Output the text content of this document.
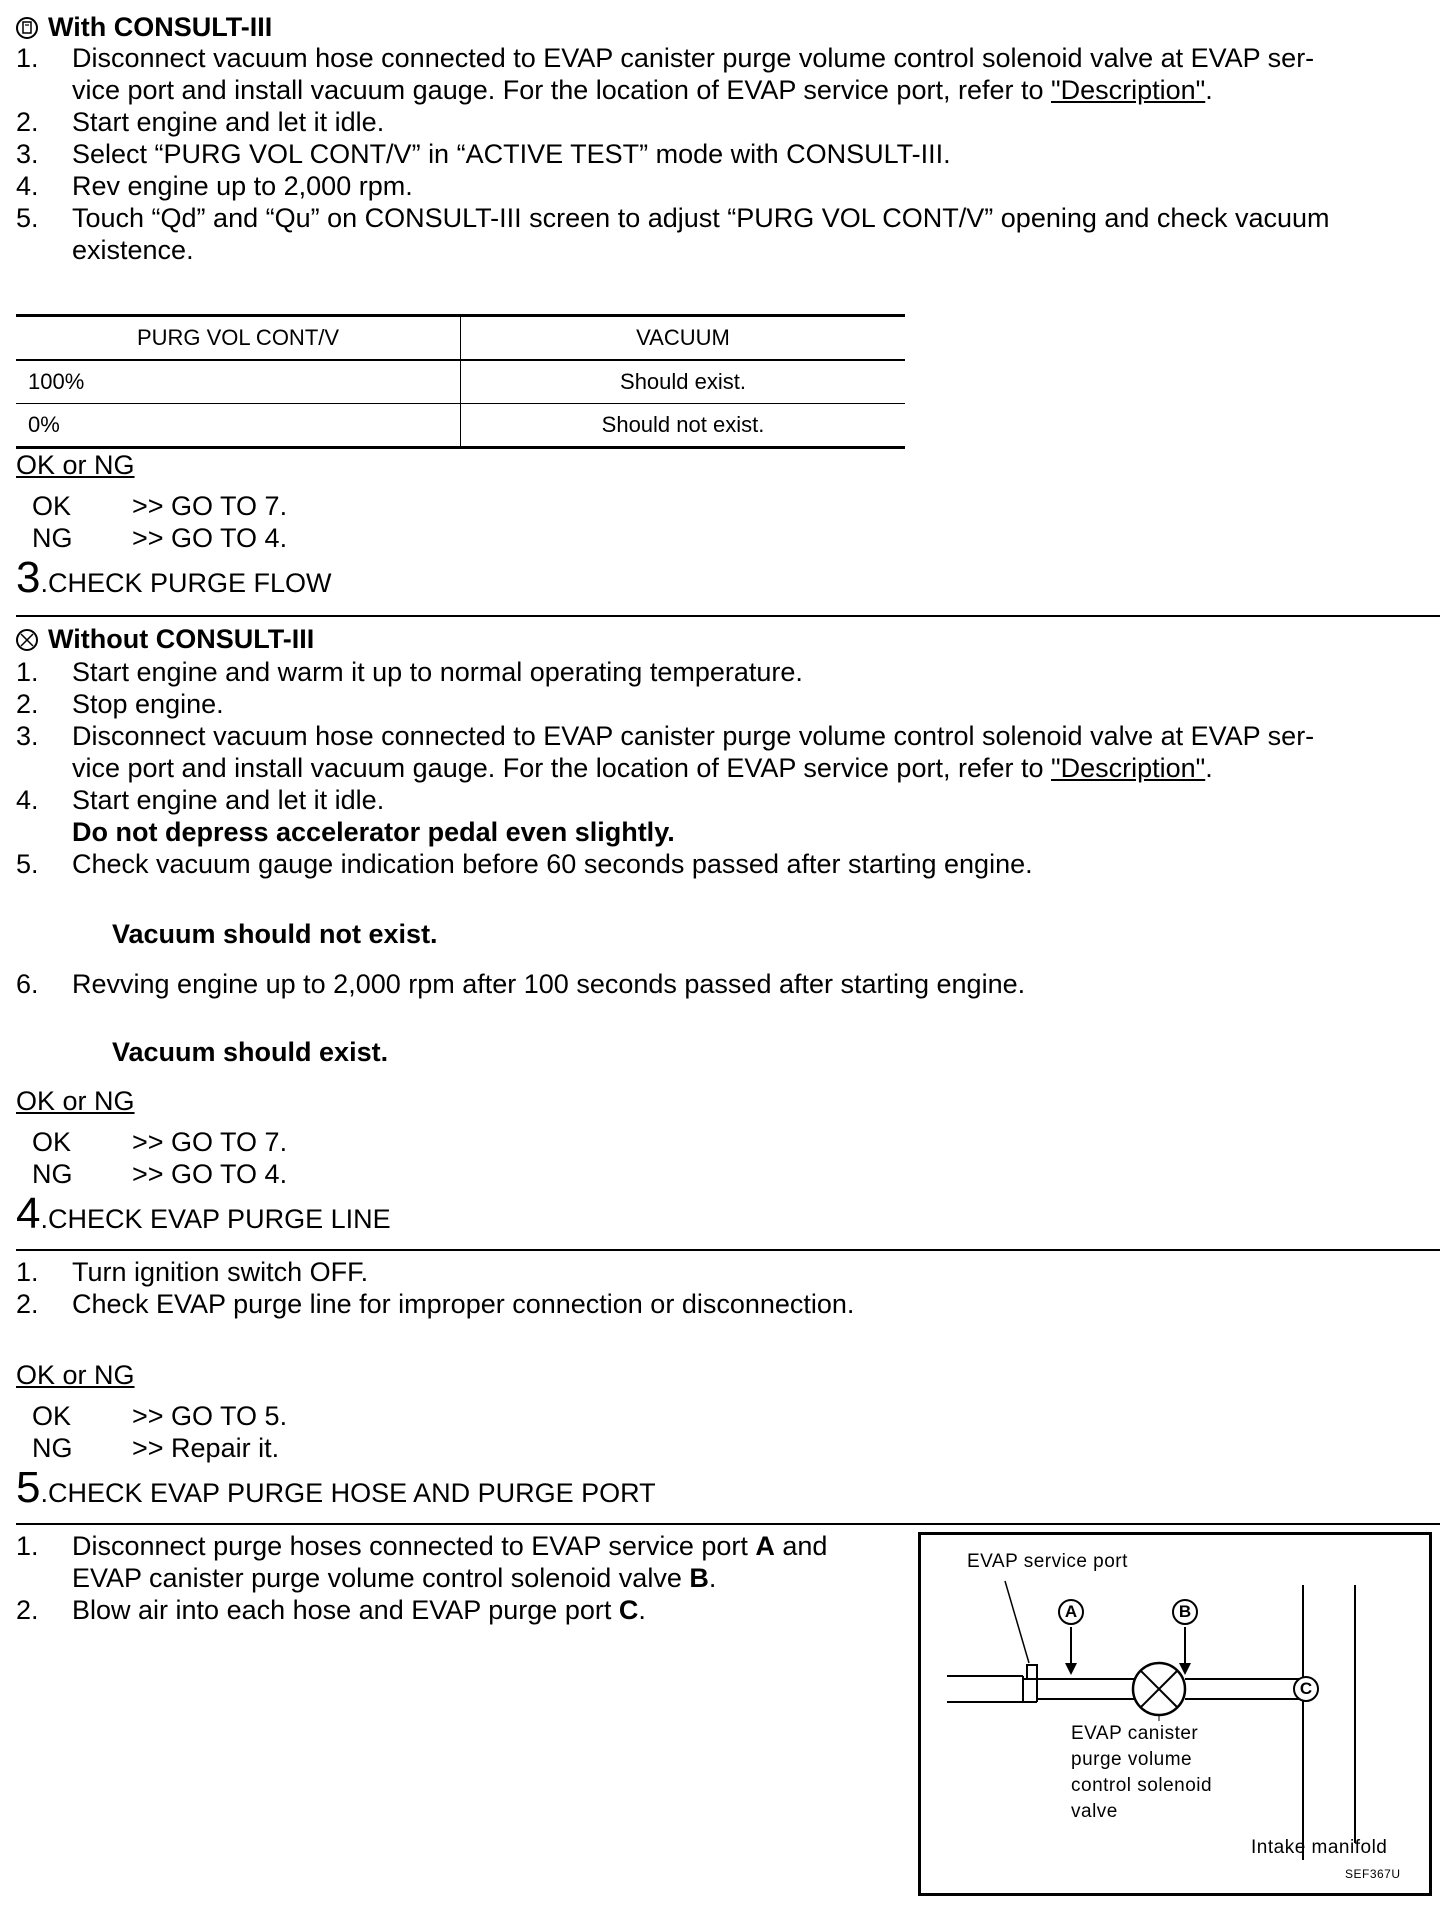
With CONSULT-III
1.	Disconnect vacuum hose connected to EVAP canister purge volume control solenoid valve at EVAP ser-
vice port and install vacuum gauge. For the location of EVAP service port, refer to "Description".
2.	Start engine and let it idle.
3.	Select “PURG VOL CONT/V” in “ACTIVE TEST” mode with CONSULT-III.
4.	Rev engine up to 2,000 rpm.
5.	Touch “Qd” and “Qu” on CONSULT-III screen to adjust “PURG VOL CONT/V” opening and check vacuum
existence.
PURG VOL CONT/V	VACUUM
100%	Should exist.
0%	Should not exist.
OK or NG
OK	>> GO TO 7.
NG	>> GO TO 4.
3 . CHECK PURGE FLOW
Without CONSULT-III
1.	Start engine and warm it up to normal operating temperature.
2.	Stop engine.
3.	Disconnect vacuum hose connected to EVAP canister purge volume control solenoid valve at EVAP ser-
vice port and install vacuum gauge. For the location of EVAP service port, refer to "Description".
4.	Start engine and let it idle.
Do not depress accelerator pedal even slightly.
5.	Check vacuum gauge indication before 60 seconds passed after starting engine.
Vacuum should not exist.
6.	Revving engine up to 2,000 rpm after 100 seconds passed after starting engine.
Vacuum should exist.
OK or NG
OK	>> GO TO 7.
NG	>> GO TO 4.
4 . CHECK EVAP PURGE LINE
1.	Turn ignition switch OFF.
2.	Check EVAP purge line for improper connection or disconnection.
OK or NG
OK	>> GO TO 5.
NG	>> Repair it.
5 . CHECK EVAP PURGE HOSE AND PURGE PORT
1.	Disconnect purge hoses connected to EVAP service port A and
EVAP canister purge volume control solenoid valve B.
2.	Blow air into each hose and EVAP purge port C.
EVAP service port
A	B
C
EVAP canister
purge volume
control solenoid
valve
Intake manifold
SEF367U
